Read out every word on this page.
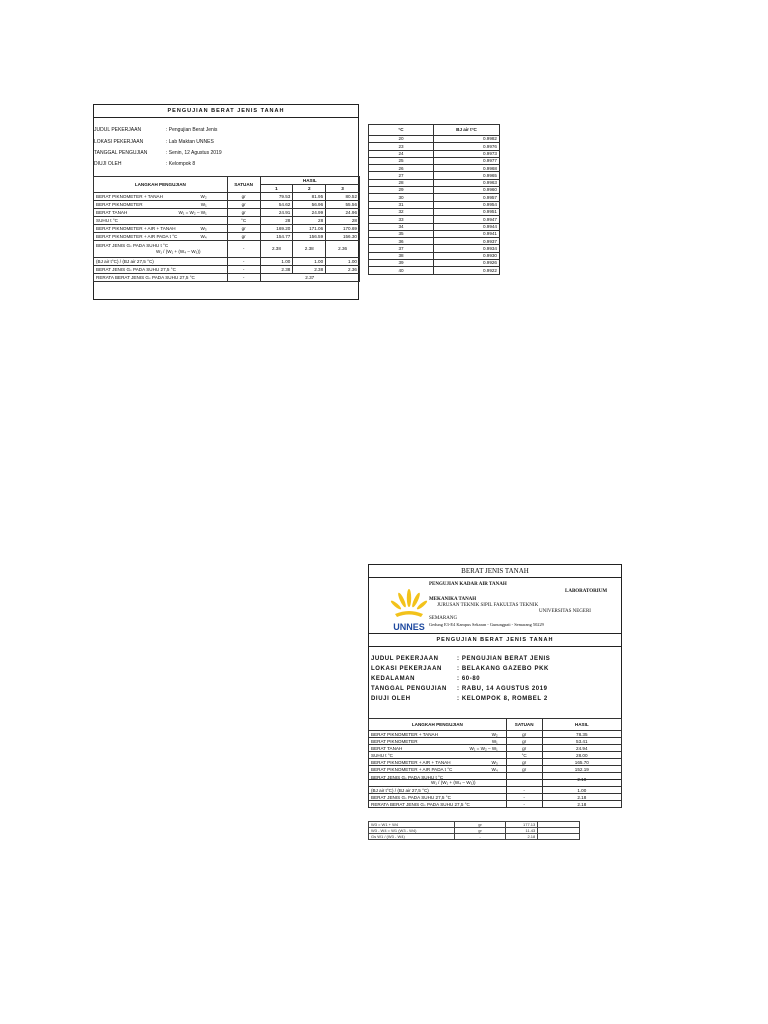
PENGUJIAN BERAT JENIS TANAH
JUDUL PEKERJAAN	: Pengujian Berat Jenis
LOKASI PEKERJAAN	: Lab Maktan UNNES
TANGGAL PENGUJIAN	: Senin, 12 Agustus 2019
DIUJI OLEH	: Kelompok 8
LANGKAH PENGUJIAN	SATUAN	HASIL		
		1	2	3
BERAT PIKNOMETER + TANAH W₂	gr	79.53	81.95	80.52
BERAT PIKNOMETER W₁	gr	54.62	56.96	55.56
BERAT TANAH W₁ = W₂ – W₁	gr	24.91	24.99	24.96
SUHU t °C	°C	28	28	28
BERAT PIKNOMETER + AIR + TANAH W₃	gr	169.20	171.06	170.69
BERAT PIKNOMETER + AIR PADA t °C W₄	gr	154.77	156.59	156.30

BERAT JENIS Gₛ PADA SUHU t °C
W₁ / (W₁ + (W₄ – W₃))	-	2.38	2.38	2.36
(BJ air t°C) / (BJ air 27,5 °C)	-	1.00	1.00	1.00
BERAT JENIS Gₛ PADA SUHU 27,5 °C	-	2.38	2.38	2.36
RERATA BERAT JENIS Gₛ PADA SUHU 27,5 °C	-	2.37		
°C	BJ air t°C
20	0.9982
23	0.9976
24	0.9973
25	0.9977
26	0.9968
27	0.9965
28	0.9963
29	0.9960
30	0.9957
31	0.9954
32	0.9951
33	0.9947
34	0.9944
35	0.9941
36	0.9937
37	0.9934
38	0.9930
39	0.9926
40	0.9922
BERAT JENIS TANAH
UNNES
PENGUJIAN KADAR AIR TANAH
LABORATORIUM
MEKANIKA TANAH
JURUSAN TEKNIK SIPIL FAKULTAS TEKNIK
UNIVERSITAS NEGERI
SEMARANG
Gedung E3-E4 Kampus Sekaran - Gunungpati - Semarang 50229
PENGUJIAN BERAT JENIS TANAH
JUDUL PEKERJAAN	: PENGUJIAN BERAT JENIS
LOKASI PEKERJAAN	: BELAKANG GAZEBO PKK
KEDALAMAN	: 60-80
TANGGAL PENGUJIAN : RABU, 14 AGUSTUS 2019
DIUJI OLEH	: KELOMPOK 8, ROMBEL 2
LANGKAH PENGUJIAN	SATUAN	HASIL
BERAT PIKNOMETER + TANAH W₂	gr	78.35
BERAT PIKNOMETER W₁	gr	53.41
BERAT TANAH W₁ = W₂ – W₁	gr	24.94
SUHU t °C	°C	28.00
BERAT PIKNOMETER + AIR + TANAH W₃	gr	165.70
BERAT PIKNOMETER + AIR PADA t °C W₄	gr	152.19

BERAT JENIS Gₛ PADA SUHU t °C
W₁ / (W₁ + (W₄ – W₃))	-	2.18
(BJ air t°C) / (BJ air 27,5 °C)	-	1.00
BERAT JENIS Gₛ PADA SUHU 27,5 °C	-	2.18
RERATA BERAT JENIS Gₛ PADA SUHU 27,5 °C	-	2.18
W3 = W1 + W4	gr	177.13	
W3 - W4 = W1 (W3 - W4)	gr	11.43	
Gs W1 / (W3 - W4)	-	2.18	
